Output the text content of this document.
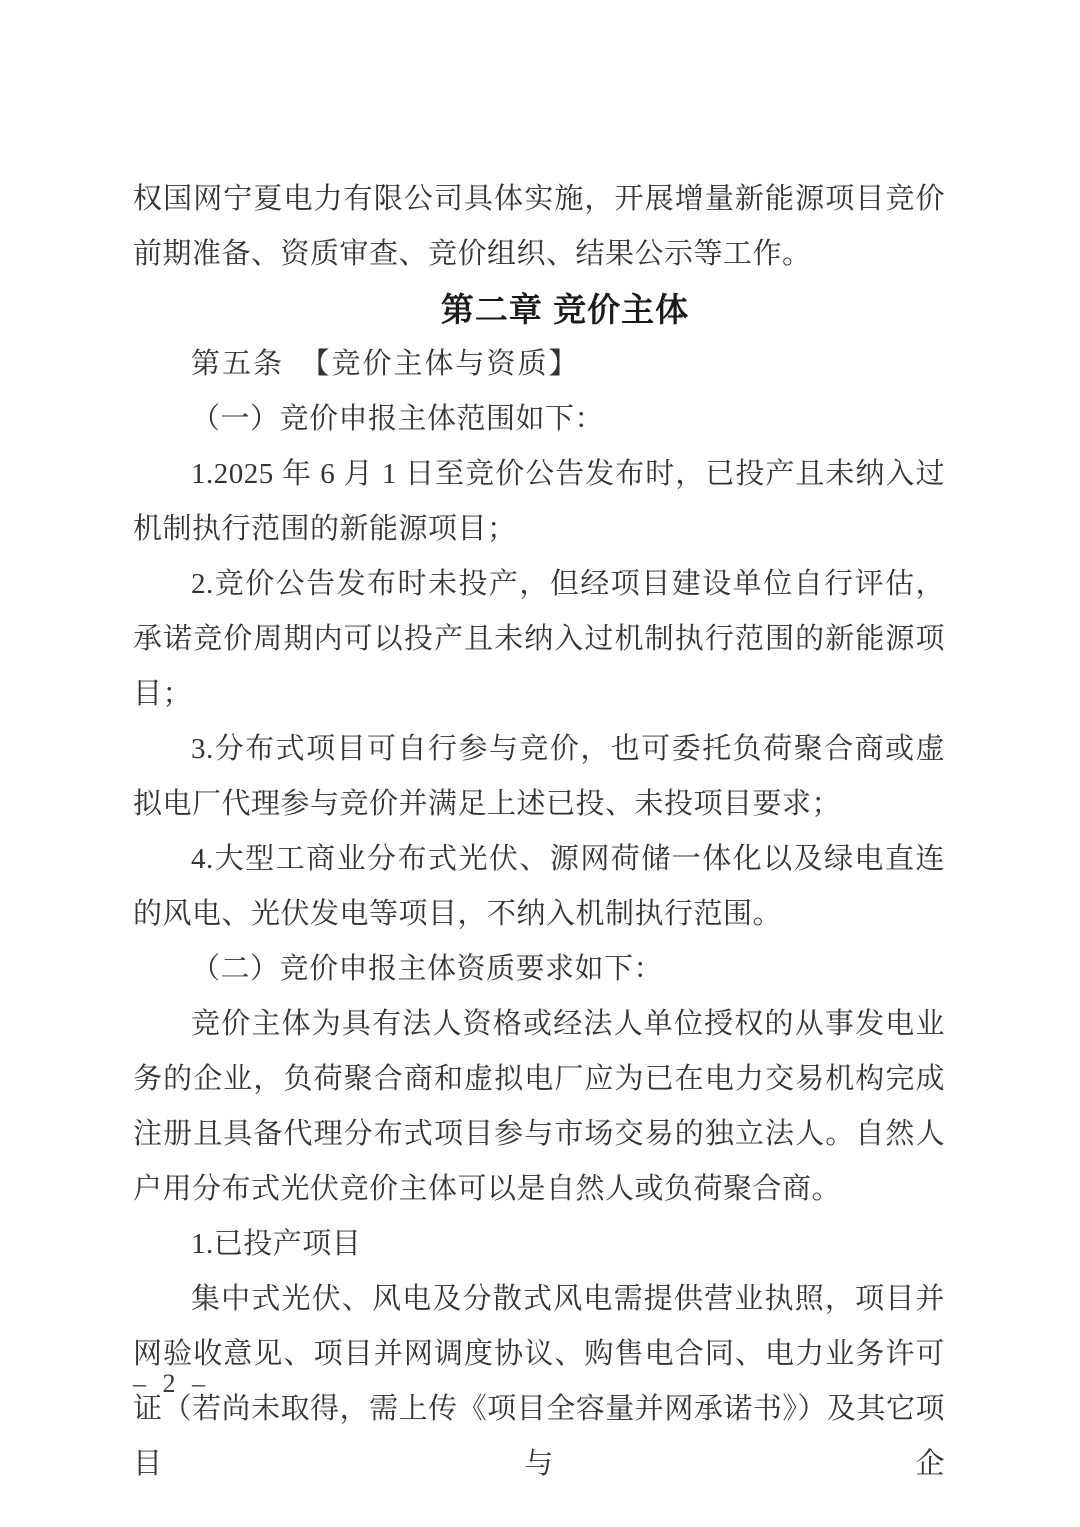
权国网宁夏电力有限公司具体实施，开展增量新能源项目竞价前期准备、资质审查、竞价组织、结果公示等工作。

第二章 竞价主体

第五条　【竞价主体与资质】

（一）竞价申报主体范围如下：

1.2025 年 6 月 1 日至竞价公告发布时，已投产且未纳入过机制执行范围的新能源项目；

2.竞价公告发布时未投产，但经项目建设单位自行评估，承诺竞价周期内可以投产且未纳入过机制执行范围的新能源项目；

3.分布式项目可自行参与竞价，也可委托负荷聚合商或虚拟电厂代理参与竞价并满足上述已投、未投项目要求；

4.大型工商业分布式光伏、源网荷储一体化以及绿电直连的风电、光伏发电等项目，不纳入机制执行范围。

（二）竞价申报主体资质要求如下：

竞价主体为具有法人资格或经法人单位授权的从事发电业务的企业，负荷聚合商和虚拟电厂应为已在电力交易机构完成注册且具备代理分布式项目参与市场交易的独立法人。自然人户用分布式光伏竞价主体可以是自然人或负荷聚合商。

1.已投产项目

集中式光伏、风电及分散式风电需提供营业执照，项目并网验收意见、项目并网调度协议、购售电合同、电力业务许可证（若尚未取得，需上传《项目全容量并网承诺书》）及其它项目与企

– 2 –
